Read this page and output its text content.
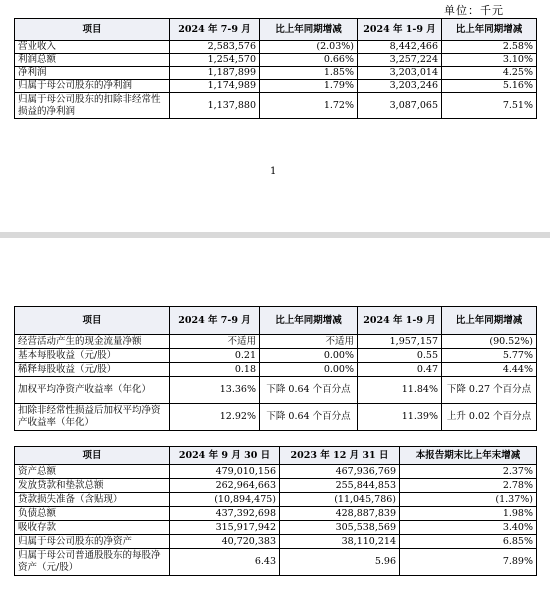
单位：千元
项目	2024 年 7-9 月	比上年同期增减	2024 年 1-9 月	比上年同期增减
营业收入	2,583,576	(2.03%)	8,442,466	2.58%
利润总额	1,254,570	0.66%	3,257,224	3.10%
净利润	1,187,899	1.85%	3,203,014	4.25%
归属于母公司股东的净利润	1,174,989	1.79%	3,203,246	5.16%
归属于母公司股东的扣除非经常性损益的净利润	1,137,880	1.72%	3,087,065	7.51%
1
项目	2024 年 7-9 月	比上年同期增减	2024 年 1-9 月	比上年同期增减
经营活动产生的现金流量净额	不适用	不适用	1,957,157	(90.52%)
基本每股收益（元/股）	0.21	0.00%	0.55	5.77%
稀释每股收益（元/股）	0.18	0.00%	0.47	4.44%
加权平均净资产收益率（年化）	13.36%	下降 0.64 个百分点	11.84%	下降 0.27 个百分点
扣除非经常性损益后加权平均净资产收益率（年化）	12.92%	下降 0.64 个百分点	11.39%	上升 0.02 个百分点
项目	2024 年 9 月 30 日	2023 年 12 月 31 日	本报告期末比上年末增减
资产总额	479,010,156	467,936,769	2.37%
发放贷款和垫款总额	262,964,663	255,844,853	2.78%
贷款损失准备（含贴现）	(10,894,475)	(11,045,786)	(1.37%)
负债总额	437,392,698	428,887,839	1.98%
吸收存款	315,917,942	305,538,569	3.40%
归属于母公司股东的净资产	40,720,383	38,110,214	6.85%
归属于母公司普通股股东的每股净资产（元/股）	6.43	5.96	7.89%
